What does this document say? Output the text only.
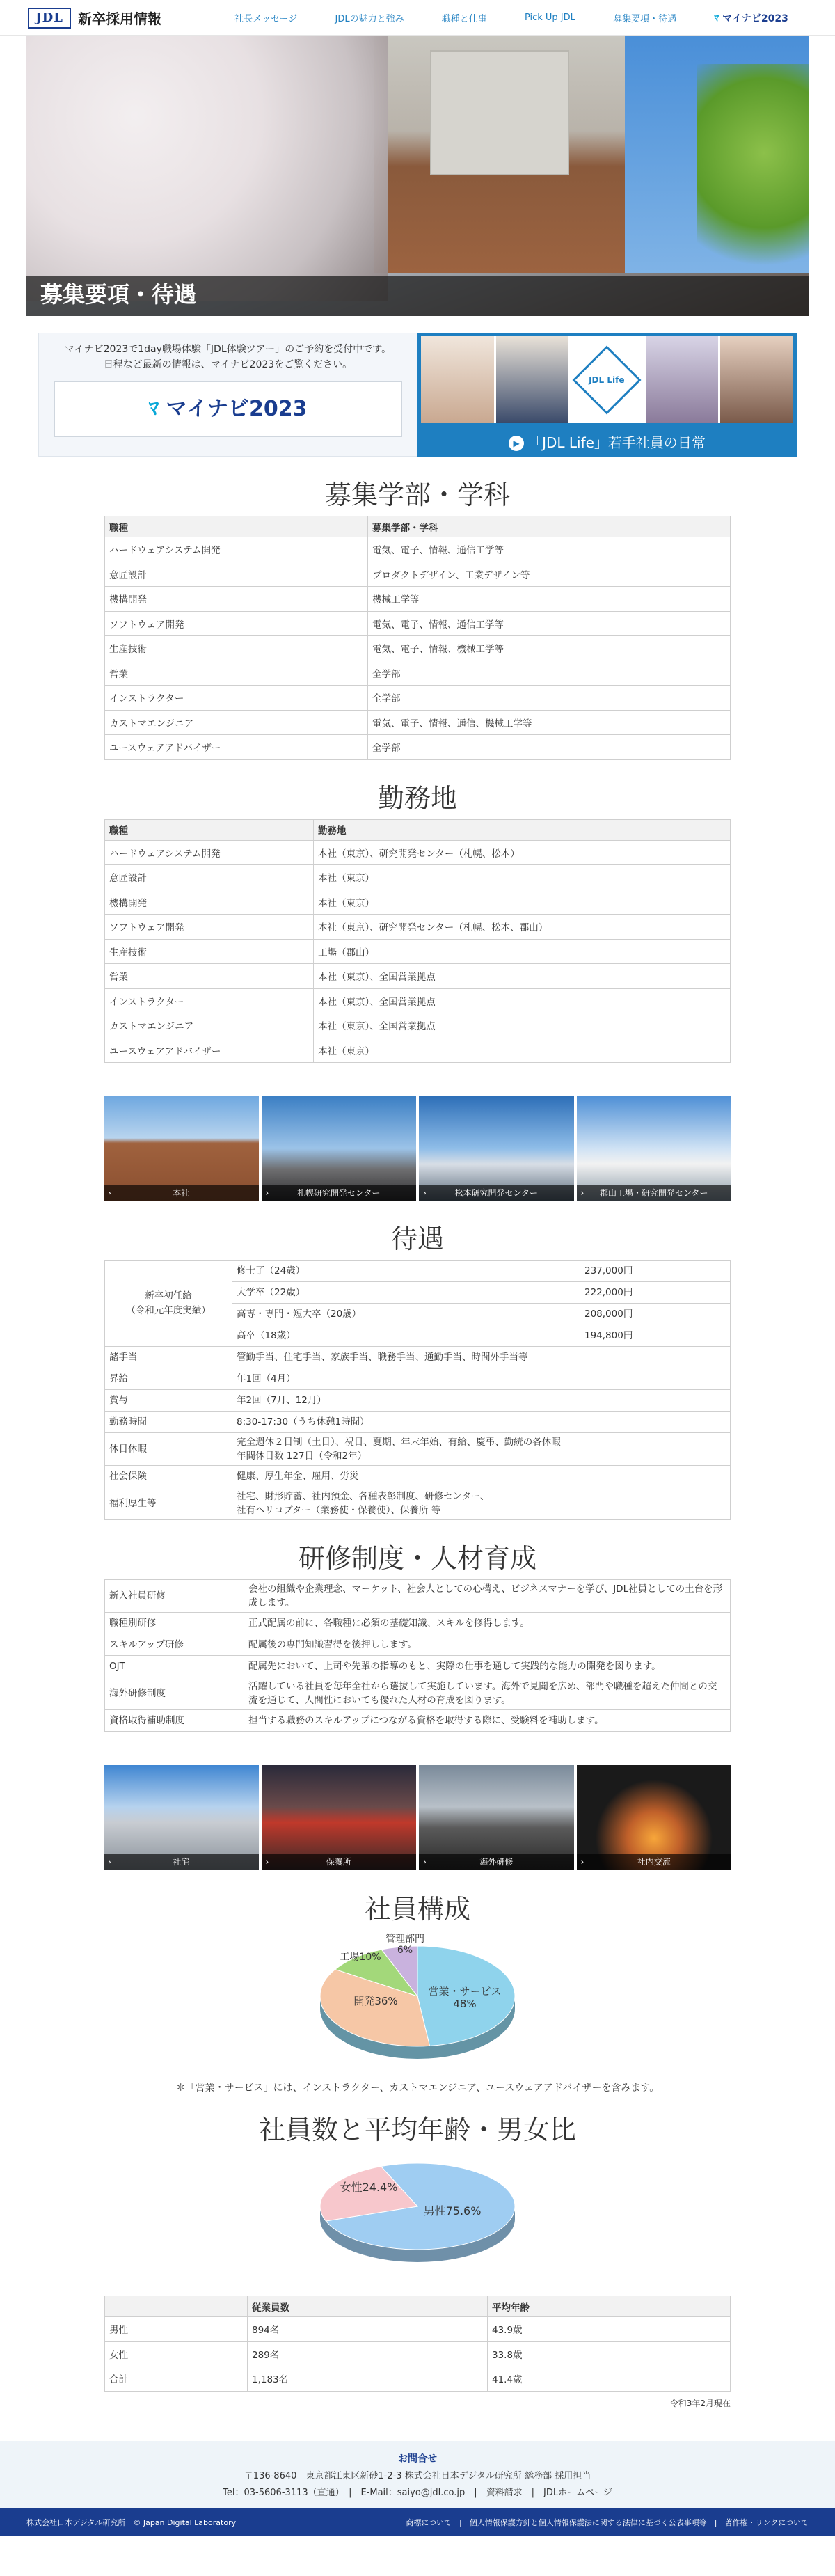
JDL	新卒採用情報	社長メッセージ	JDLの魅力と強み	職種と仕事	Pick Up JDL	募集要項・待遇	ﾏ マイナビ2023
募集要項・待遇
マイナビ2023で1day職場体験「JDL体験ツアー」のご予約を受付中です。
日程など最新の情報は、マイナビ2023をご覧ください。
ﾏ マイナビ2023
JDL Life
▶ 「JDL Life」若手社員の日常
募集学部・学科
職種	募集学部・学科
ハードウェアシステム開発	電気、電子、情報、通信工学等
意匠設計	プロダクトデザイン、工業デザイン等
機構開発	機械工学等
ソフトウェア開発	電気、電子、情報、通信工学等
生産技術	電気、電子、情報、機械工学等
営業	全学部
インストラクター	全学部
カストマエンジニア	電気、電子、情報、通信、機械工学等
ユースウェアアドバイザー	全学部
勤務地
職種	勤務地
ハードウェアシステム開発	本社（東京）、研究開発センター（札幌、松本）
意匠設計	本社（東京）
機構開発	本社（東京）
ソフトウェア開発	本社（東京）、研究開発センター（札幌、松本、郡山）
生産技術	工場（郡山）
営業	本社（東京）、全国営業拠点
インストラクター	本社（東京）、全国営業拠点
カストマエンジニア	本社（東京）、全国営業拠点
ユースウェアアドバイザー	本社（東京）
›	本社	›	札幌研究開発センター	›	松本研究開発センター	› 郡山工場・研究開発センター
待遇
新卒初任給
（令和元年度実績）	修士了（24歳）	237,000円
	大学卒（22歳）	222,000円
	高専・専門・短大卒（20歳）	208,000円
	高卒（18歳）	194,800円
諸手当	管勤手当、住宅手当、家族手当、職務手当、通勤手当、時間外手当等	
昇給	年1回（4月）	
賞与	年2回（7月、12月）	
勤務時間	8:30-17:30（うち休憩1時間）	
休日休暇	完全週休２日制（土日）、祝日、夏期、年末年始、有給、慶弔、勤続の各休暇
年間休日数 127日（令和2年）	
社会保険	健康、厚生年金、雇用、労災	
福利厚生等	社宅、財形貯蓄、社内預金、各種表彰制度、研修センター、
社有ヘリコプター（業務使・保養使）、保養所 等	
研修制度・人材育成
新入社員研修	会社の組織や企業理念、マーケット、社会人としての心構え、ビジネスマナーを学び、JDL社員としての土台を形成します。
職種別研修	正式配属の前に、各職種に必須の基礎知識、スキルを修得します。
スキルアップ研修	配属後の専門知識習得を後押しします。
OJT	配属先において、上司や先輩の指導のもと、実際の仕事を通して実践的な能力の開発を図ります。
海外研修制度	活躍している社員を毎年全社から選抜して実施しています。海外で見聞を広め、部門や職種を超えた仲間との交流を通じて、人間性においても優れた人材の育成を図ります。
資格取得補助制度	担当する職務のスキルアップにつながる資格を取得する際に、受験料を補助します。
›	社宅	›	保養所	›	海外研修	›	社内交流
社員構成
営業・サービス
48%
開発36%
工場10%
管理部門
6%

＊「営業・サービス」には、インストラクター、カストマエンジニア、ユースウェアアドバイザーを含みます。

社員数と平均年齢・男女比
男性75.6%
女性24.4%
	従業員数	平均年齢
男性	894名	43.9歳
女性	289名	33.8歳
合計	1,183名	41.4歳
令和3年2月現在
お問合せ
〒136-8640　東京都江東区新砂1-2-3 株式会社日本デジタル研究所 総務部 採用担当
Tel：03-5606-3113（直通）　|　E-Mail：saiyo@jdl.co.jp　|　資料請求　|　JDLホームページ
株式会社日本デジタル研究所　© Japan Digital Laboratory	商標について　|　個人情報保護方針と個人情報保護法に関する法律に基づく公表事項等　|　著作権・リンクについて
